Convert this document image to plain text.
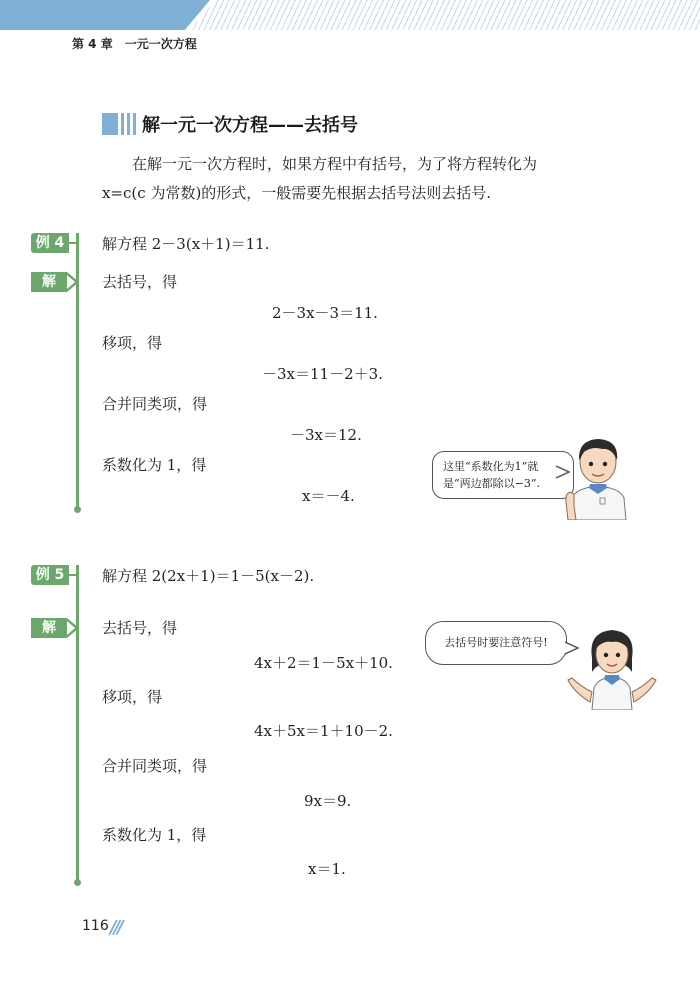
第 4 章　一元一次方程
解一元一次方程——去括号

在解一元一次方程时，如果方程中有括号，为了将方程转化为

x=c(c 为常数)的形式，一般需要先根据去括号法则去括号.

例 4	解方程 2－3(x＋1)＝11.
解	去括号，得
2－3x－3＝11.
移项，得
－3x＝11－2＋3.
合并同类项，得
－3x＝12.
系数化为 1，得
x＝－4.
这里“系数化为1”就
是“两边都除以−3”.
例 5	解方程 2(2x＋1)＝1－5(x－2).
解	去括号，得
4x＋2＝1－5x＋10.
移项，得
4x＋5x＝1＋10－2.
合并同类项，得
9x＝9.
系数化为 1，得
x＝1.
去括号时要注意符号!
116 ///
